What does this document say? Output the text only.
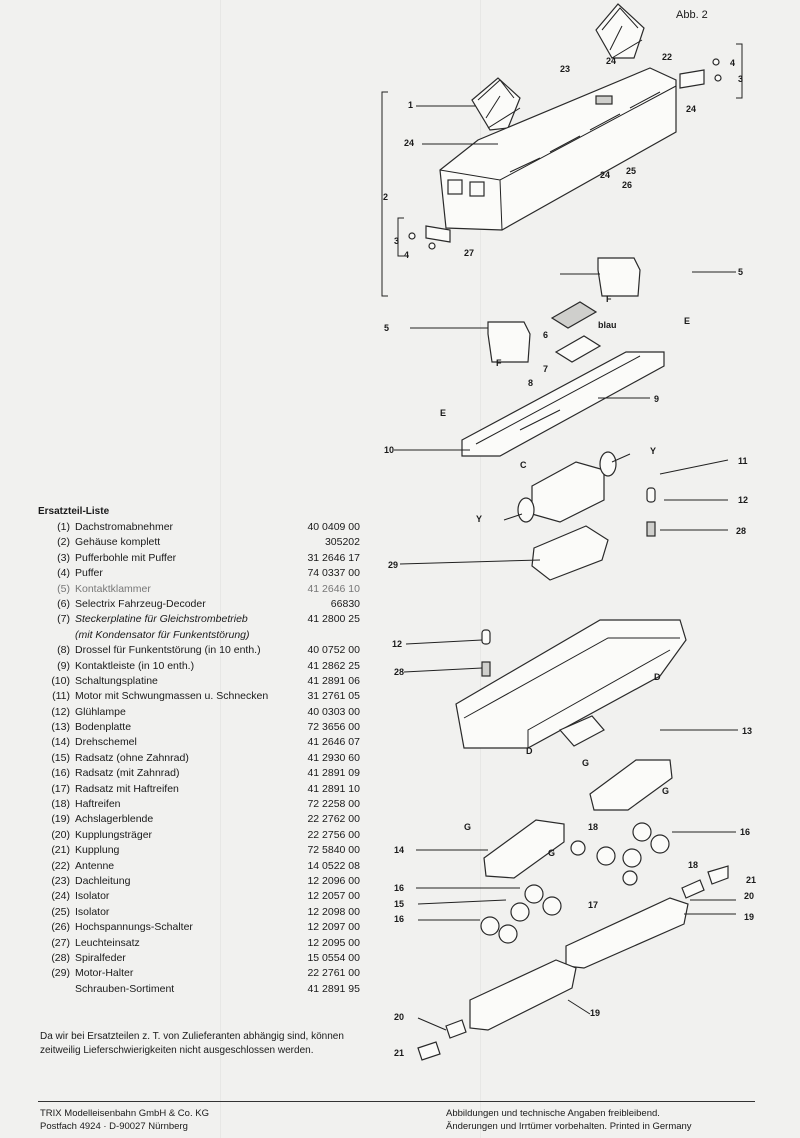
1
2
3
3
4
4
5
5
6
7
8
9
10
11
12
12
13
14
15
16
16
16
17
18
18
19
19
20
20
21
21
22
23
24
24
24
24 25
26
27
28
28
29
E
E
F
F
C
D
D
G
G
G
G
Y
Y
blau
Abb. 2
Ersatzteil-Liste
(1) Dachstromabnehmer	40 0409 00
(2) Gehäuse komplett	305202
(3) Pufferbohle mit Puffer	31 2646 17
(4) Puffer	74 0337 00
(5) Kontaktklammer	41 2646 10
(6) Selectrix Fahrzeug-Decoder	66830
(7) Steckerplatine für Gleichstrombetrieb	41 2800 25
(mit Kondensator für Funkentstörung)
(8) Drossel für Funkentstörung (in 10 enth.)	40 0752 00
(9) Kontaktleiste (in 10 enth.)	41 2862 25
(10) Schaltungsplatine	41 2891 06
(11) Motor mit Schwungmassen u. Schnecken	31 2761 05
(12) Glühlampe	40 0303 00
(13) Bodenplatte	72 3656 00
(14) Drehschemel	41 2646 07
(15) Radsatz (ohne Zahnrad)	41 2930 60
(16) Radsatz (mit Zahnrad)	41 2891 09
(17) Radsatz mit Haftreifen	41 2891 10
(18) Haftreifen	72 2258 00
(19) Achslagerblende	22 2762 00
(20) Kupplungsträger	22 2756 00
(21) Kupplung	72 5840 00
(22) Antenne	14 0522 08
(23) Dachleitung	12 2096 00
(24) Isolator	12 2057 00
(25) Isolator	12 2098 00
(26) Hochspannungs-Schalter	12 2097 00
(27) Leuchteinsatz	12 2095 00
(28) Spiralfeder	15 0554 00
(29) Motor-Halter	22 2761 00
Schrauben-Sortiment	41 2891 95
Da wir bei Ersatzteilen z. T. von Zulieferanten abhängig sind, können zeitweilig Lieferschwierigkeiten nicht ausgeschlossen werden.
TRIX Modelleisenbahn GmbH & Co. KG
Postfach 4924 · D-90027 Nürnberg
Abbildungen und technische Angaben freibleibend.
Änderungen und Irrtümer vorbehalten. Printed in Germany
